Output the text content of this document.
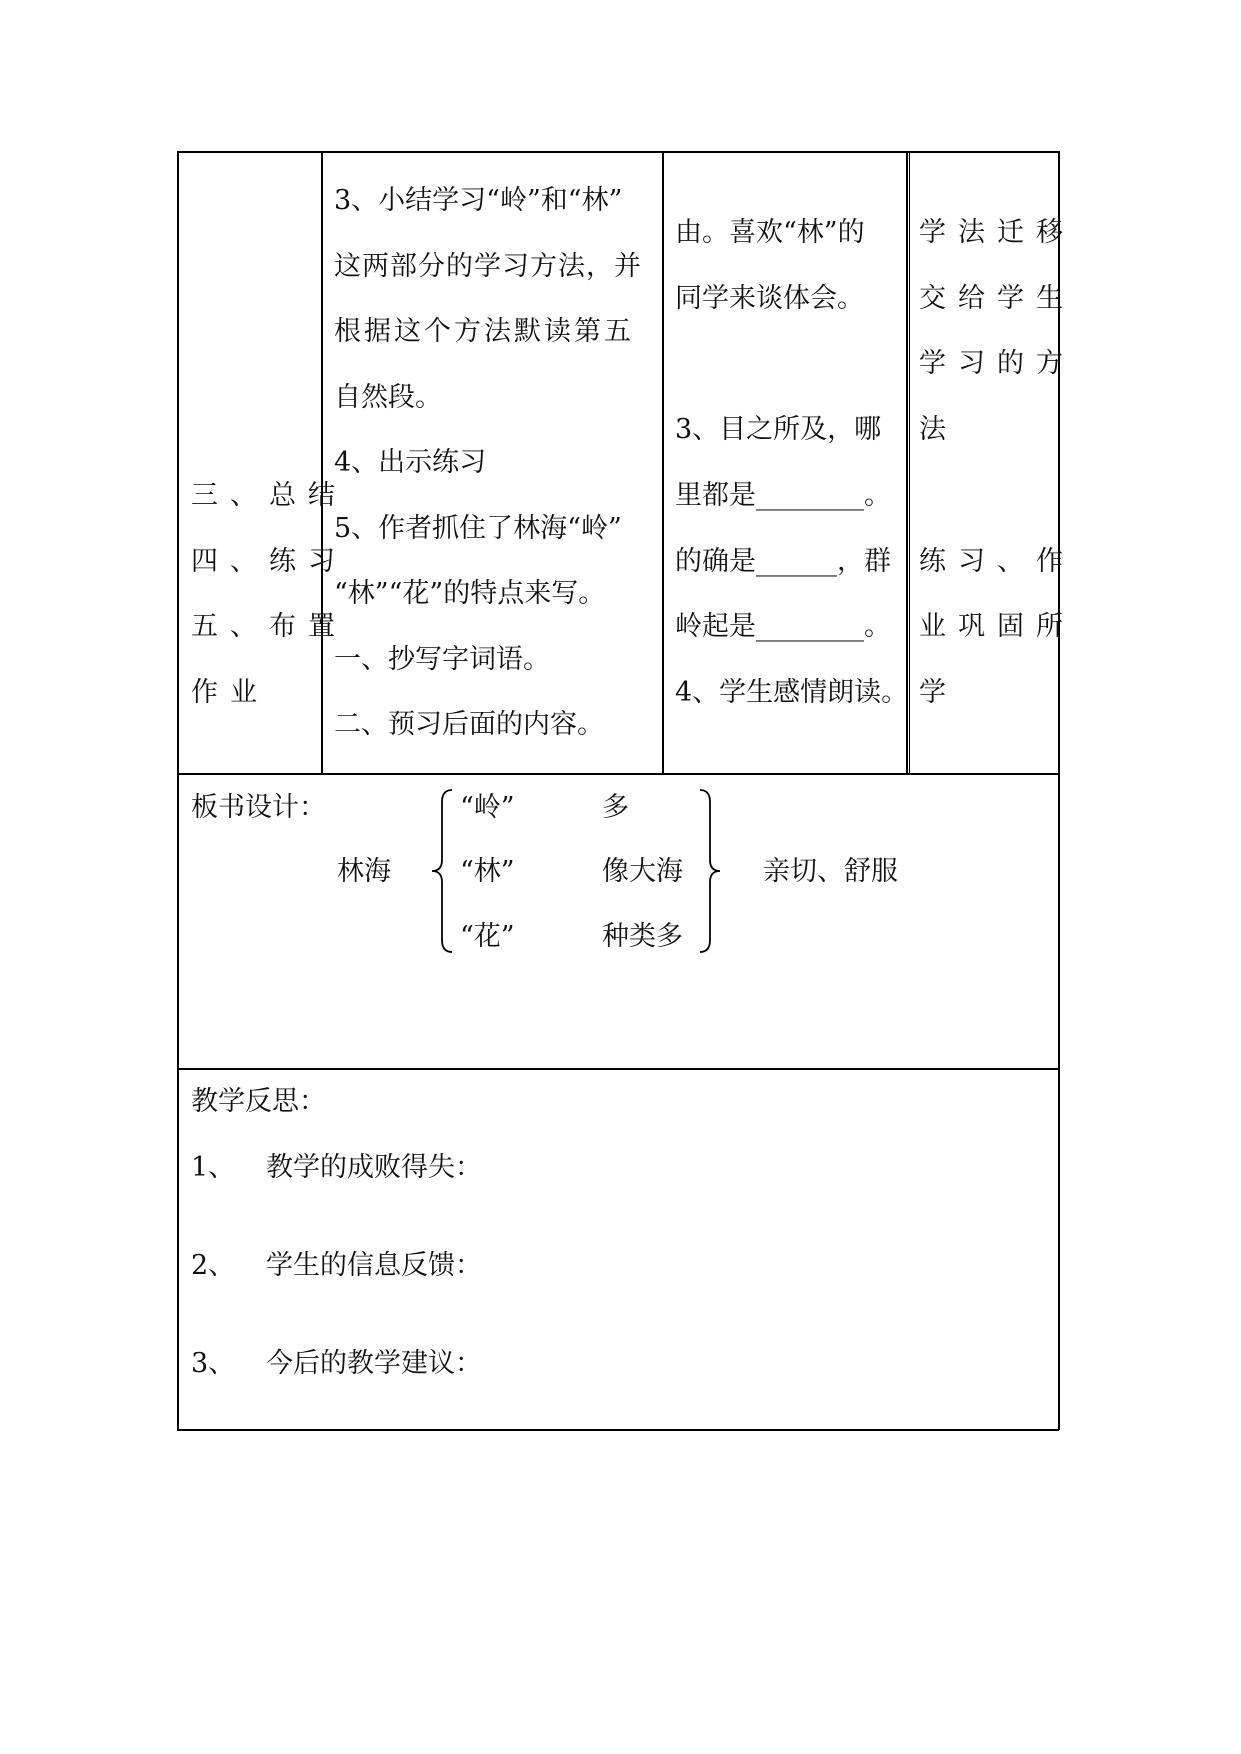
三、总结
四、练习
五、布置
作业
3、小结学习“岭”和“林”
这两部分的学习方法，并
根据这个方法默读第五
自然段。
4、出示练习
5、作者抓住了林海“岭”
“林”“花”的特点来写。
一、抄写字词语。
二、预习后面的内容。
由。喜欢“林”的
同学来谈体会。
3、目之所及，哪
里都是________。
的确是______，群
岭起是________。
4、学生感情朗读。
学法迁移
交给学生
学习的方
法
练习、作
业巩固所
学
板书设计：
林海
“岭”
“林”
“花”
多
像大海
种类多
亲切、舒服
教学反思：
1、 教学的成败得失：
2、 学生的信息反馈：
3、 今后的教学建议：
